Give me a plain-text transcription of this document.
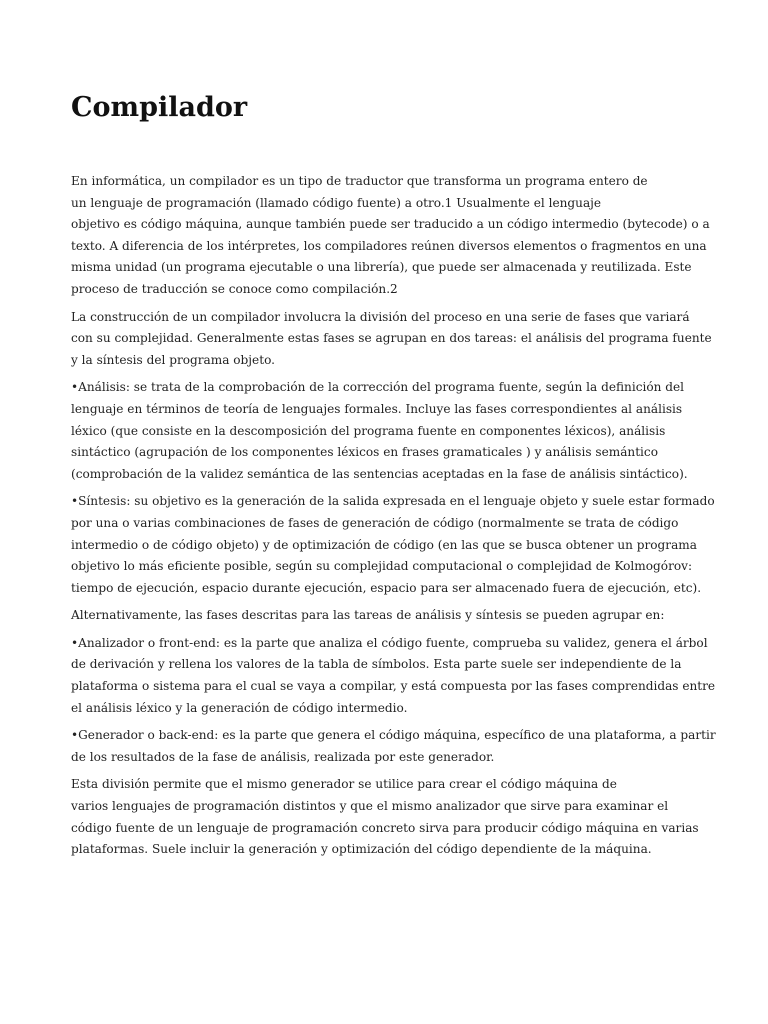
Compilador

En informática, un compilador es un tipo de traductor que transforma un programa entero de
un lenguaje de programación (llamado código fuente) a otro.1 Usualmente el lenguaje
objetivo es código máquina, aunque también puede ser traducido a un código intermedio (bytecode) o a
texto. A diferencia de los intérpretes, los compiladores reúnen diversos elementos o fragmentos en una
misma unidad (un programa ejecutable o una librería), que puede ser almacenada y reutilizada. Este
proceso de traducción se conoce como compilación.2

La construcción de un compilador involucra la división del proceso en una serie de fases que variará
con su complejidad. Generalmente estas fases se agrupan en dos tareas: el análisis del programa fuente
y la síntesis del programa objeto.

•Análisis: se trata de la comprobación de la corrección del programa fuente, según la definición del
lenguaje en términos de teoría de lenguajes formales. Incluye las fases correspondientes al análisis
léxico (que consiste en la descomposición del programa fuente en componentes léxicos), análisis
sintáctico (agrupación de los componentes léxicos en frases gramaticales ) y análisis semántico
(comprobación de la validez semántica de las sentencias aceptadas en la fase de análisis sintáctico).

•Síntesis: su objetivo es la generación de la salida expresada en el lenguaje objeto y suele estar formado
por una o varias combinaciones de fases de generación de código (normalmente se trata de código
intermedio o de código objeto) y de optimización de código (en las que se busca obtener un programa
objetivo lo más eficiente posible, según su complejidad computacional o complejidad de Kolmogórov:
tiempo de ejecución, espacio durante ejecución, espacio para ser almacenado fuera de ejecución, etc).

Alternativamente, las fases descritas para las tareas de análisis y síntesis se pueden agrupar en:

•Analizador o front-end: es la parte que analiza el código fuente, comprueba su validez, genera el árbol
de derivación y rellena los valores de la tabla de símbolos. Esta parte suele ser independiente de la
plataforma o sistema para el cual se vaya a compilar, y está compuesta por las fases comprendidas entre
el análisis léxico y la generación de código intermedio.

•Generador o back-end: es la parte que genera el código máquina, específico de una plataforma, a partir
de los resultados de la fase de análisis, realizada por este generador.

Esta división permite que el mismo generador se utilice para crear el código máquina de
varios lenguajes de programación distintos y que el mismo analizador que sirve para examinar el
código fuente de un lenguaje de programación concreto sirva para producir código máquina en varias
plataformas. Suele incluir la generación y optimización del código dependiente de la máquina.
